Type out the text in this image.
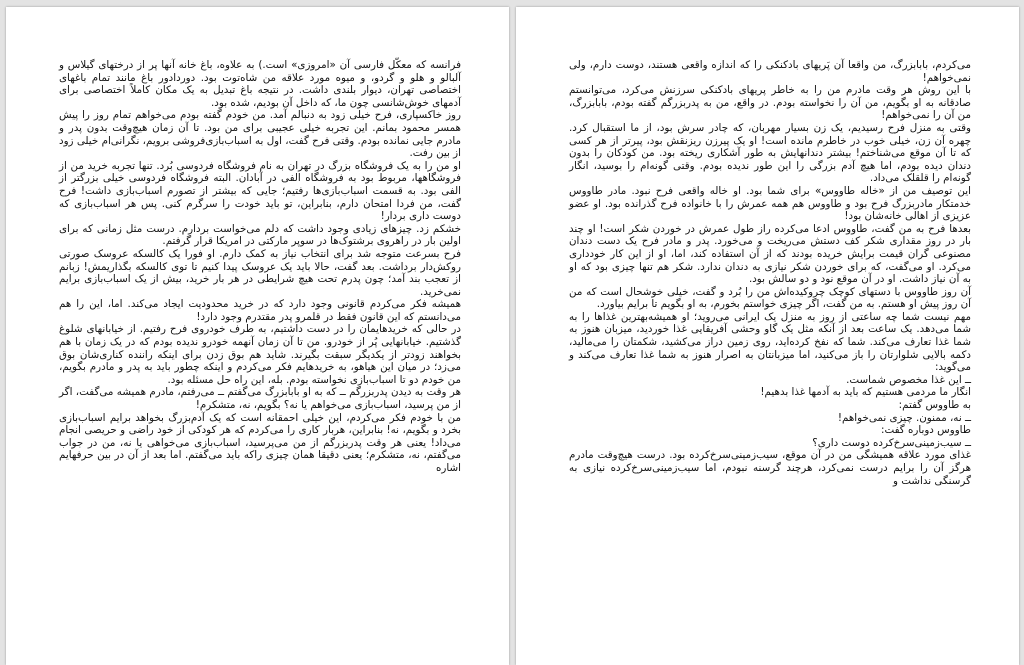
می‌کردم، بابابزرگ، من واقعا آن پَریهای بادکنکی را که اندازه واقعی هستند، دوست دارم، ولی نمی‌خواهم!

با این روش هر وقت مادرم من را به خاطر پریهای بادکنکی سرزنش می‌کرد، می‌توانستم صادقانه به او بگویم، من آن را نخواسته بودم. در واقع، من به پدربزرگم گفته بودم، بابابزرگ، من آن را نمی‌خواهم!

وقتی به منزل فرح رسیدیم، یک زن بسیار مهربان، که چادر سرش بود، از ما استقبال کرد. چهره آن زن، خیلی خوب در خاطرم مانده است! او یک پیرزن ریزنقش بود، پیرتر از هر کسی که تا آن موقع می‌شناختم! بیشتر دندانهایش به طور آشکاری ریخته بود. من کودکان را بدون دندان دیده بودم، اما هیچ آدم بزرگی را این طور ندیده بودم. وقتی گونه‌ام را بوسید، انگار گونه‌ام را قلقلک می‌داد.

این توصیف من از «خاله طاووس» برای شما بود. او خاله واقعی فرح نبود. مادر طاووس خدمتکار مادربزرگ فرح بود و طاووس هم همه عمرش را با خانواده فرح گذرانده بود. او عضو عزیزی از اهالی خانه‌شان بود!

بعدها فرح به من گفت، طاووس ادعا می‌کرده راز طول عمرش در خوردن شکر است! او چند بار در روز مقداری شکر کف دستش می‌ریخت و می‌خورد. پدر و مادر فرح یک دست دندان مصنوعی گران قیمت برایش خریده بودند که از آن استفاده کند، اما، او از این کار خودداری می‌کرد. او می‌گفت، که برای خوردن شکر نیازی به دندان ندارد. شکر هم تنها چیزی بود که او به آن نیاز داشت. او در آن موقع نود و دو سالش بود.

آن روز طاووس با دستهای کوچک چروکیده‌اش من را بُرد و گفت، خیلی خوشحال است که من آن روز پیش او هستم. به من گفت، اگر چیزی خواستم بخورم، به او بگویم تا برایم بیاورد.

مهم نیست شما چه ساعتی از روز به منزل یک ایرانی می‌روید؛ او همیشه‌بهترین غذاها را به شما می‌دهد. یک ساعت بعد از آنکه مثل یک گاو وحشی آفریقایی غذا خوردید، میزبان هنوز به شما غذا تعارف می‌کند. شما که نفخ کرده‌اید، روی زمین دراز می‌کشید، شکمتان را می‌مالید، دکمه بالایی شلوارتان را باز می‌کنید، اما میزبانتان به اصرار هنوز به شما غذا تعارف می‌کند و می‌گوید:

ــ این غذا مخصوص شماست.

انگار ما مردمی هستیم که باید به آدمها غذا بدهیم!

به طاووس گفتم:

ــ نه، ممنون. چیزی نمی‌خواهم!

طاووس دوباره گفت:

ــ سیب‌زمینی‌سرخ‌کرده دوست داری؟

غذای مورد علاقه همیشگی من در آن موقع، سیب‌زمینی‌سرخ‌کرده بود. درست هیچ‌وقت مادرم هرگز آن را برایم درست نمی‌کرد، هرچند گرسنه نبودم، اما سیب‌زمینی‌سرخ‌کرده نیازی به گرسنگی نداشت و

فرانسه که معکّل فارسی آن «امروزی» است.) به علاوه، باغ خانه آنها پر از درختهای گیلاس و آلبالو و هلو و گردو، و میوه مورد علاقه من شاه‌توت بود. دوردادور باغ مانند تمام باغهای اختصاصی تهران، دیوار بلندی داشت. در نتیجه باغ تبدیل به یک مکان کاملاً اختصاصی برای آدمهای خوش‌شانسی چون ما، که داخل آن بودیم، شده بود.

روز خاکسپاری، فرح خیلی زود به دنبالم آمد. من خودم گفته بودم می‌خواهم تمام روز را پیش همسر محمود بمانم. این تجربه خیلی عجیبی برای من بود. تا آن زمان هیچ‌وقت بدون پدر و مادرم جایی نمانده بودم. وقتی فرح گفت، اول به اسباب‌بازی‌فروشی برویم، نگرانی‌ام خیلی زود از بین رفت.

او من را به یک فروشگاه بزرگ در تهران به نام فروشگاه فردوسی بُرد. تنها تجربه خرید من از فروشگاهها، مربوط بود به فروشگاه الفی در آبادان. البته فروشگاه فردوسی خیلی بزرگتر از الفی بود. به قسمت اسباب‌بازی‌ها رفتیم؛ جایی که بیشتر از تصورم اسباب‌بازی داشت! فرح گفت، من فردا امتحان دارم، بنابراین، تو باید خودت را سرگرم کنی. پس هر اسباب‌بازی که دوست داری بردار!

خشکم زد. چیزهای زیادی وجود داشت که دلم می‌خواست بردارم. درست مثل زمانی که برای اولین بار در راهروی برشتوک‌ها در سوپر مارکتی در امریکا قرار گرفتم.

فرح بسرعت متوجه شد برای انتخاب نیاز به کمک دارم. او فورا یک کالسکه عروسک صورتی روکش‌دار برداشت. بعد گفت، حالا باید یک عروسک پیدا کنیم تا توی کالسکه بگذاریمش! زبانم از تعجب بند آمد؛ چون پدرم تحت هیچ شرایطی در هر بار خرید، بیش از یک اسباب‌بازی برایم نمی‌خرید.

همیشه فکر می‌کردم قانونی وجود دارد که در خرید محدودیت ایجاد می‌کند. اما، این را هم می‌دانستم که این قانون فقط در قلمرو پدر مقتدرم وجود دارد!

در حالی که خریدهایمان را در دست داشتیم، به طرف خودروی فرح رفتیم. از خیابانهای شلوغ گذشتیم. خیابانهایی پُر از خودرو. من تا آن زمان آنهمه خودرو ندیده بودم که در یک زمان با هم بخواهند زودتر از یکدیگر سبقت بگیرند. شاید هم بوق زدن برای اینکه راننده کناری‌شان بوق می‌زد؛ در میان این هیاهو، به خریدهایم فکر می‌کردم و اینکه چطور باید به پدر و مادرم بگویم، من خودم دو تا اسباب‌بازی نخواسته بودم. بله، این راه حل مسئله بود.

هر وقت به دیدن پدربزرگم ــ که به او بابابزرگ می‌گفتم ــ می‌رفتم، مادرم همیشه می‌گفت، اگر از من پرسید، اسباب‌بازی می‌خواهم یا نه؟ بگویم، نه، متشکرم!

من با خودم فکر می‌کردم، این خیلی احمقانه است که یک آدم‌بزرگ بخواهد برایم اسباب‌بازی بخرد و بگویم، نه! بنابراین، هربار کاری را می‌کردم که هر کودکی از خود راضی و حریصی انجام می‌داد! یعنی هر وقت پدربزرگم از من می‌پرسید، اسباب‌بازی می‌خواهی یا نه، من در جواب می‌گفتم، نه، متشکرم؛ یعنی دقیقا همان چیزی راکه باید می‌گفتم. اما بعد از آن در بین حرفهایم اشاره
